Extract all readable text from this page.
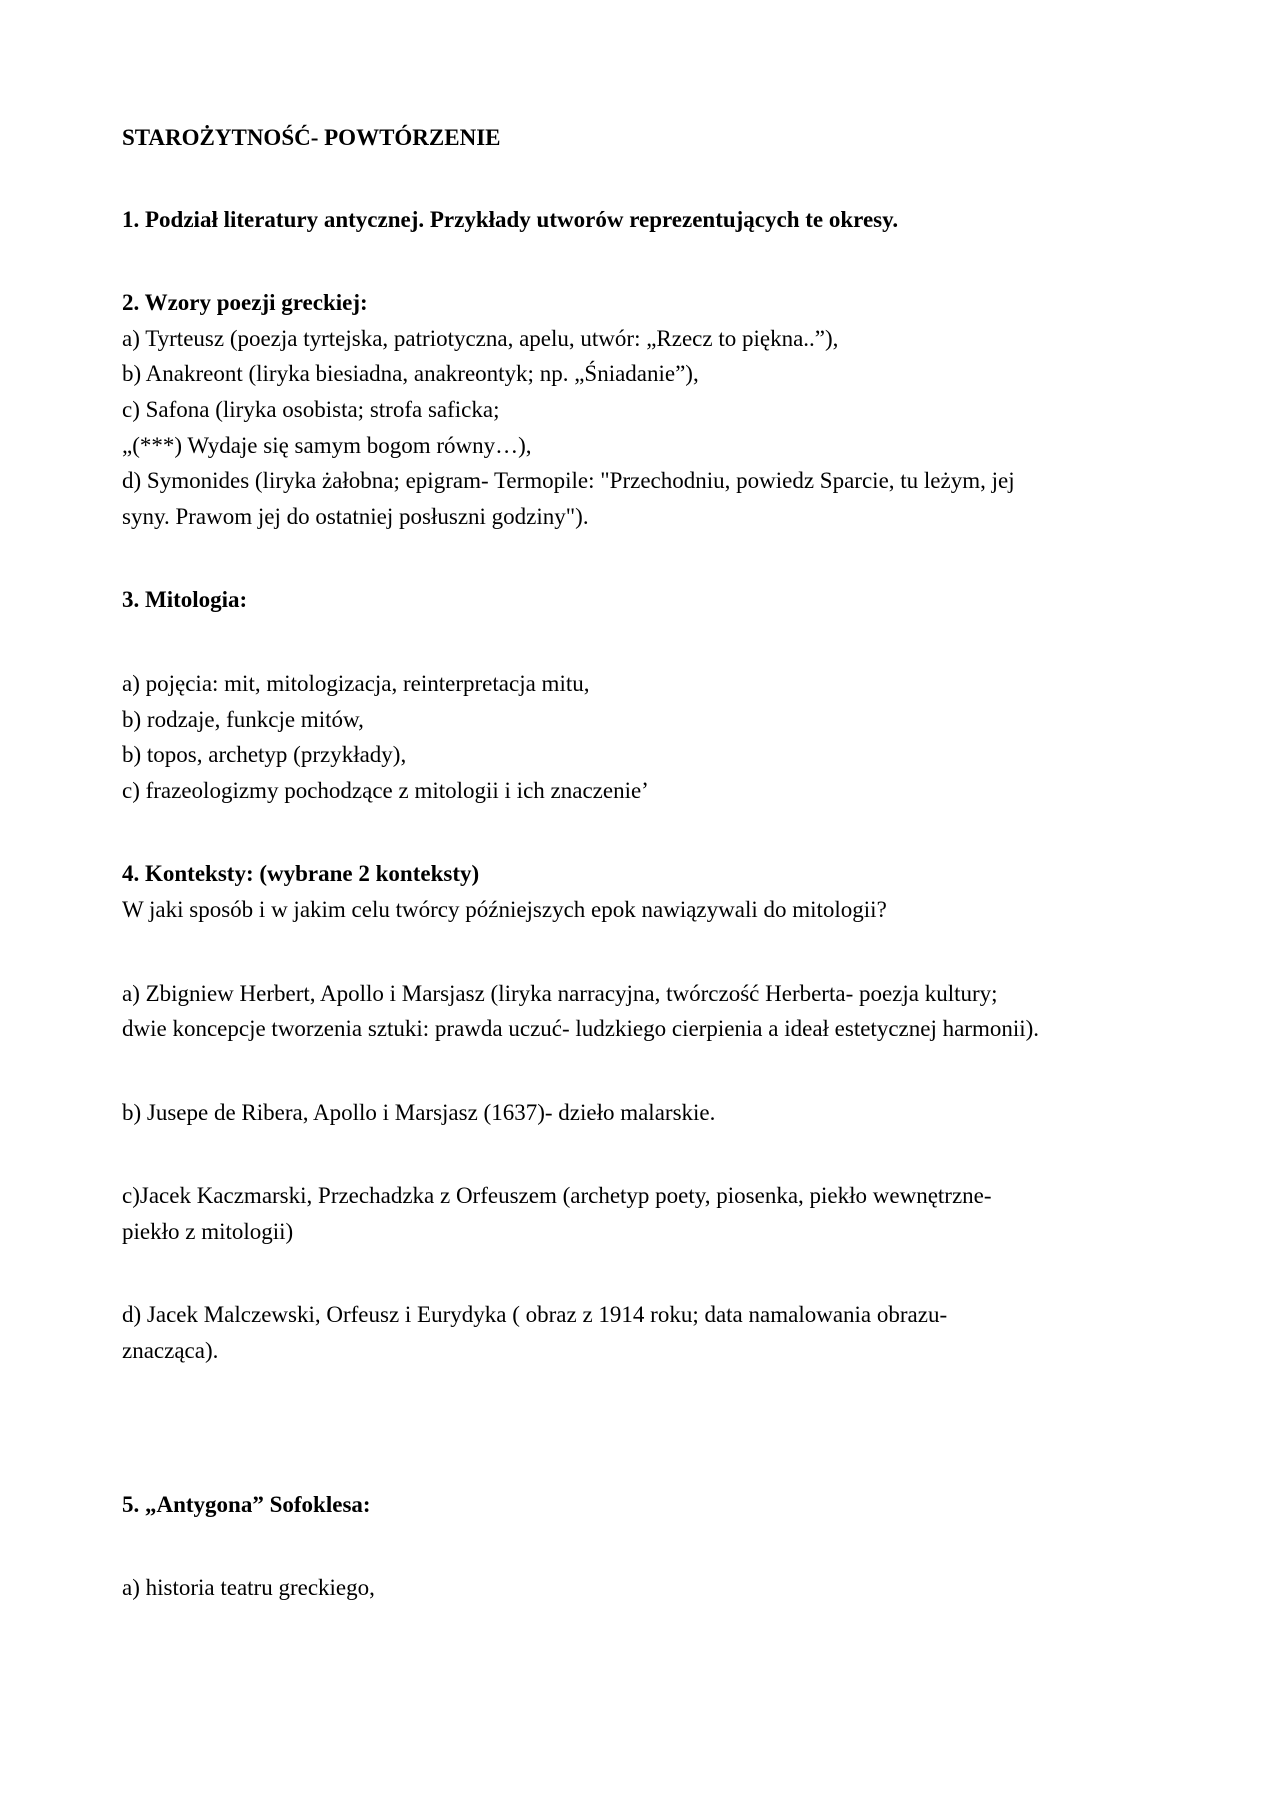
STAROŻYTNOŚĆ- POWTÓRZENIE

1. Podział literatury antycznej. Przykłady utworów reprezentujących te okresy.

2. Wzory poezji greckiej:

a) Tyrteusz (poezja tyrtejska, patriotyczna, apelu, utwór: „Rzecz to piękna..”),

b) Anakreont (liryka biesiadna, anakreontyk; np. „Śniadanie”),

c) Safona (liryka osobista; strofa saficka;

„(***) Wydaje się samym bogom równy…),

d) Symonides (liryka żałobna; epigram- Termopile: "Przechodniu, powiedz Sparcie, tu leżym, jej

syny. Prawom jej do ostatniej posłuszni godziny").

3. Mitologia:

a) pojęcia: mit, mitologizacja, reinterpretacja mitu,

b) rodzaje, funkcje mitów,

b) topos, archetyp (przykłady),

c) frazeologizmy pochodzące z mitologii i ich znaczenie’

4. Konteksty: (wybrane 2 konteksty)

W jaki sposób i w jakim celu twórcy późniejszych epok nawiązywali do mitologii?

a) Zbigniew Herbert, Apollo i Marsjasz (liryka narracyjna, twórczość Herberta- poezja kultury;

dwie koncepcje tworzenia sztuki: prawda uczuć- ludzkiego cierpienia a ideał estetycznej harmonii).

b) Jusepe de Ribera, Apollo i Marsjasz (1637)- dzieło malarskie.

c)Jacek Kaczmarski, Przechadzka z Orfeuszem (archetyp poety, piosenka, piekło wewnętrzne-

piekło z mitologii)

d) Jacek Malczewski, Orfeusz i Eurydyka ( obraz z 1914 roku; data namalowania obrazu-

znacząca).

5. „Antygona” Sofoklesa:

a) historia teatru greckiego,
